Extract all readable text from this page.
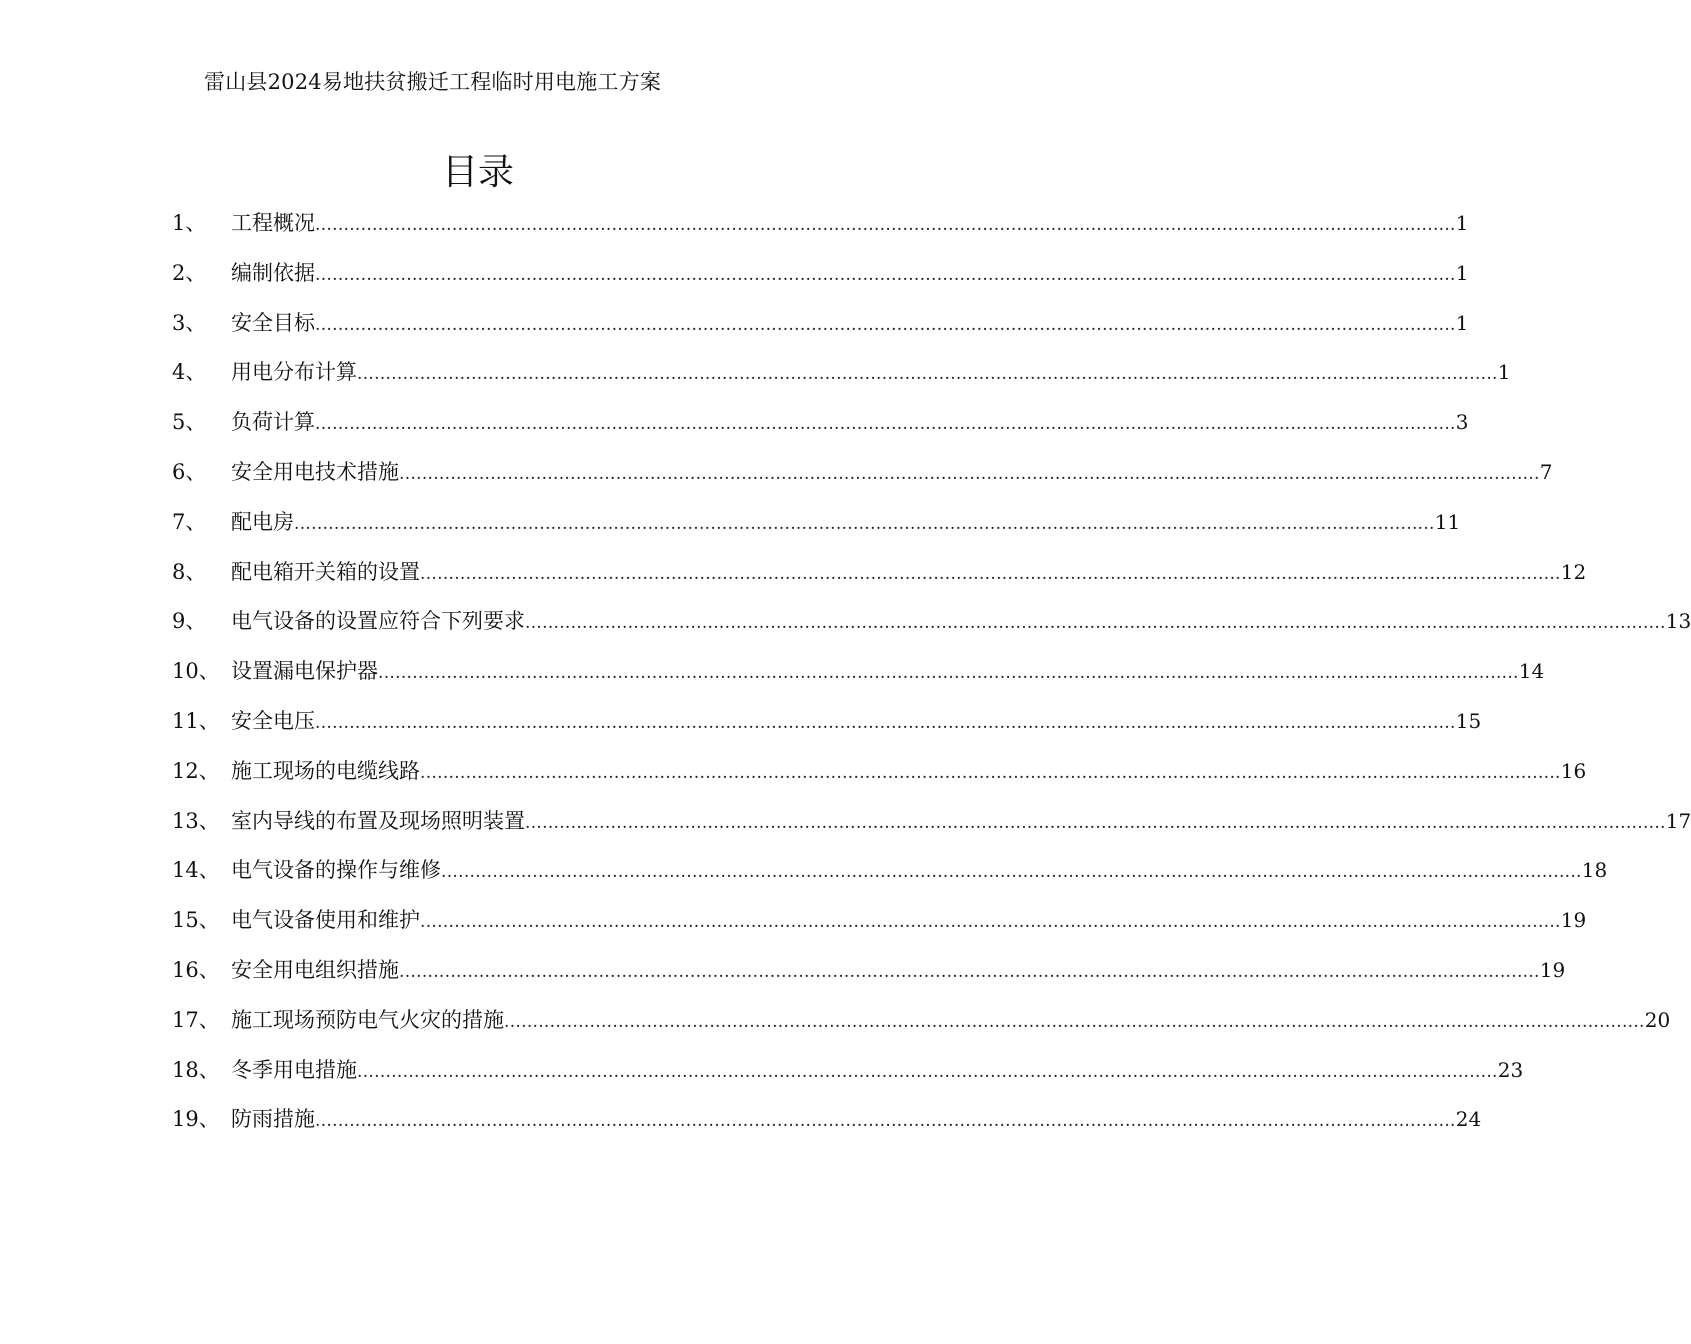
雷山县2024易地扶贫搬迁工程临时用电施工方案
目录
1、 工程概况 ........................................................................................................................................................................................................ 1
2、 编制依据 ........................................................................................................................................................................................................ 1
3、 安全目标 ........................................................................................................................................................................................................ 1
4、 用电分布计算 ........................................................................................................................................................................................................ 1
5、 负荷计算 ........................................................................................................................................................................................................ 3
6、 安全用电技术措施 ........................................................................................................................................................................................................ 7
7、 配电房 ........................................................................................................................................................................................................ 11
8、 配电箱开关箱的设置 ........................................................................................................................................................................................................ 12
9、 电气设备的设置应符合下列要求 ........................................................................................................................................................................................................ 13
10、 设置漏电保护器 ........................................................................................................................................................................................................ 14
11、 安全电压 ........................................................................................................................................................................................................ 15
12、 施工现场的电缆线路 ........................................................................................................................................................................................................ 16
13、 室内导线的布置及现场照明装置 ........................................................................................................................................................................................................ 17
14、 电气设备的操作与维修 ........................................................................................................................................................................................................ 18
15、 电气设备使用和维护 ........................................................................................................................................................................................................ 19
16、 安全用电组织措施 ........................................................................................................................................................................................................ 19
17、 施工现场预防电气火灾的措施 ........................................................................................................................................................................................................ 20
18、 冬季用电措施 ........................................................................................................................................................................................................ 23
19、 防雨措施 ........................................................................................................................................................................................................ 24
